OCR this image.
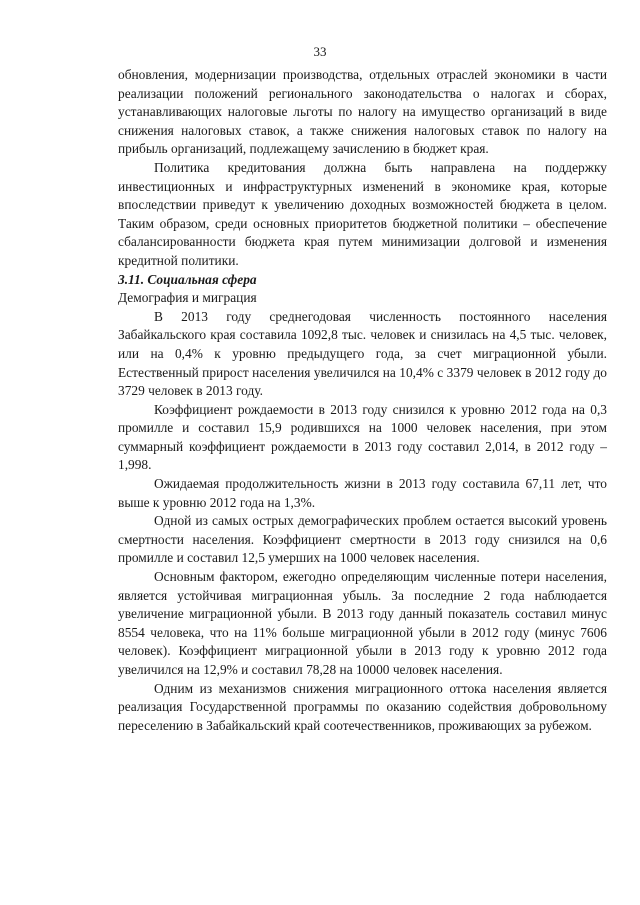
33

обновления, модернизации производства, отдельных отраслей экономики в части реализации положений регионального законодательства о налогах и сборах, устанавливающих налоговые льготы по налогу на имущество организаций в виде снижения налоговых ставок, а также снижения налоговых ставок по налогу на прибыль организаций, подлежащему зачислению в бюджет края.

Политика кредитования должна быть направлена на поддержку инвестиционных и инфраструктурных изменений в экономике края, которые впоследствии приведут к увеличению доходных возможностей бюджета в целом. Таким образом, среди основных приоритетов бюджетной политики – обеспечение сбалансированности бюджета края путем минимизации долговой и изменения кредитной политики.

3.11. Социальная сфера

Демография и миграция

В 2013 году среднегодовая численность постоянного населения Забайкальского края составила 1092,8 тыс. человек и снизилась на 4,5 тыс. человек, или на 0,4% к уровню предыдущего года, за счет миграционной убыли. Естественный прирост населения увеличился на 10,4% с 3379 человек в 2012 году до 3729 человек в 2013 году.

Коэффициент рождаемости в 2013 году снизился к уровню 2012 года на 0,3 промилле и составил 15,9 родившихся на 1000 человек населения, при этом суммарный коэффициент рождаемости в 2013 году составил 2,014, в 2012 году – 1,998.

Ожидаемая продолжительность жизни в 2013 году составила 67,11 лет, что выше к уровню 2012 года на 1,3%.

Одной из самых острых демографических проблем остается высокий уровень смертности населения. Коэффициент смертности в 2013 году снизился на 0,6 промилле и составил 12,5 умерших на 1000 человек населения.

Основным фактором, ежегодно определяющим численные потери населения, является устойчивая миграционная убыль. За последние 2 года наблюдается увеличение миграционной убыли. В 2013 году данный показатель составил минус 8554 человека, что на 11% больше миграционной убыли в 2012 году (минус 7606 человек). Коэффициент миграционной убыли в 2013 году к уровню 2012 года увеличился на 12,9% и составил 78,28 на 10000 человек населения.

Одним из механизмов снижения миграционного оттока населения является реализация Государственной программы по оказанию содействия добровольному переселению в Забайкальский край соотечественников, проживающих за рубежом.
